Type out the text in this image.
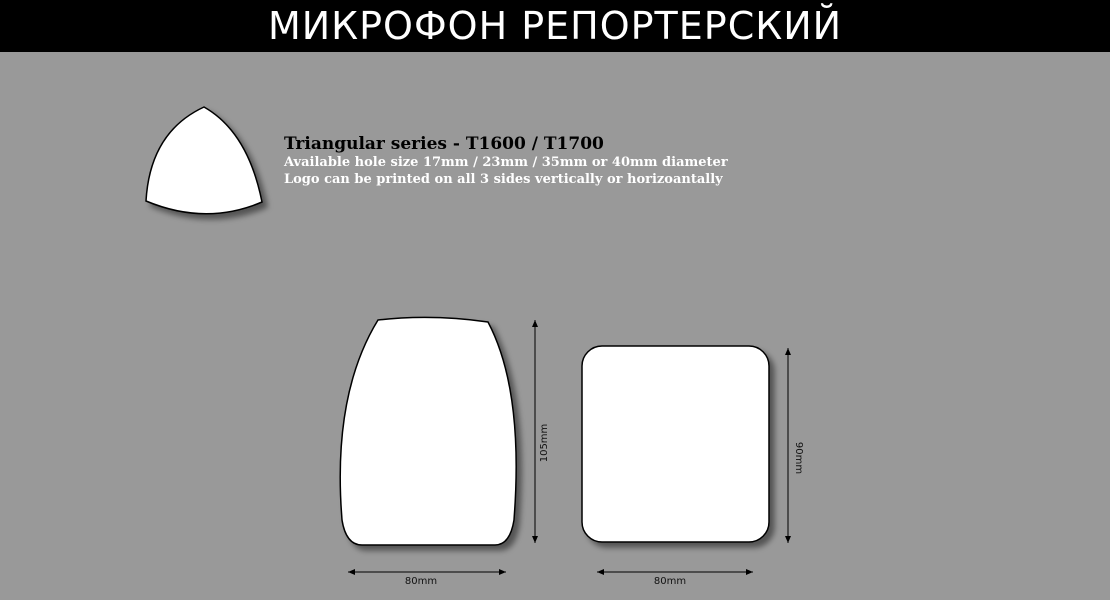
МИКРОФОН РЕПОРТЕРСКИЙ
105mm
80mm
90mm
80mm
Triangular series - T1600 / T1700
Available hole size 17mm / 23mm / 35mm or 40mm diameter
Logo can be printed on all 3 sides vertically or horizoantally
